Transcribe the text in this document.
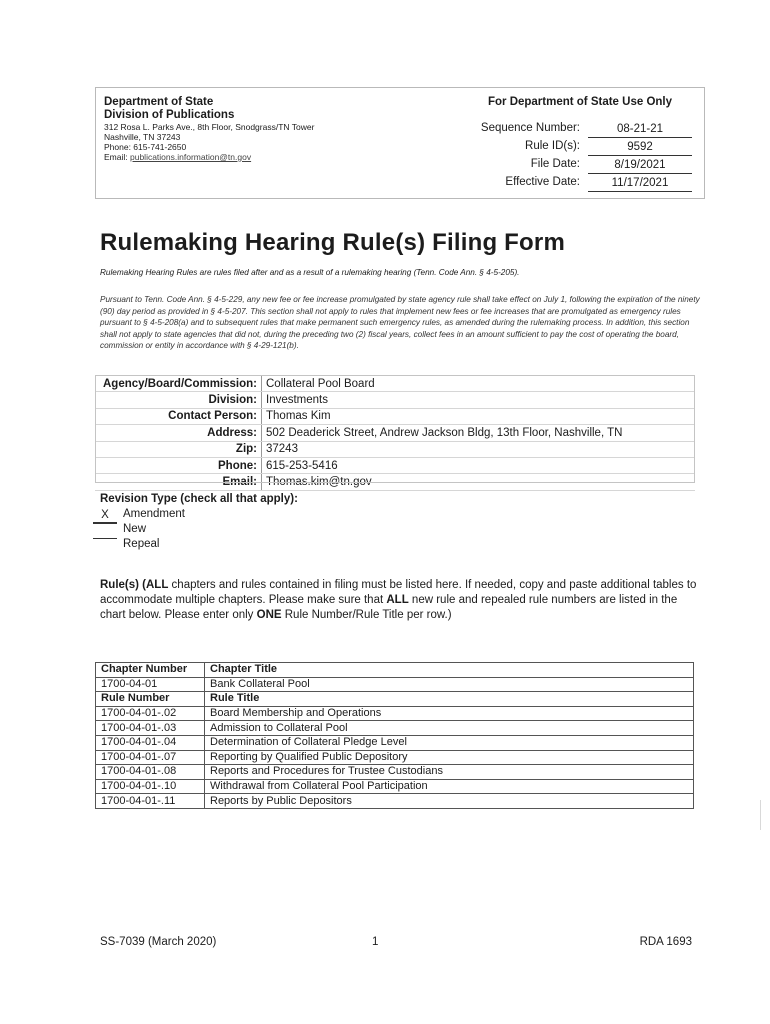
Department of State
Division of Publications
312 Rosa L. Parks Ave., 8th Floor, Snodgrass/TN Tower
Nashville, TN 37243
Phone: 615-741-2650
Email: publications.information@tn.gov
For Department of State Use Only
Sequence Number:	08-21-21
Rule ID(s):	9592
File Date:	8/19/2021
Effective Date:	11/17/2021
Rulemaking Hearing Rule(s) Filing Form
Rulemaking Hearing Rules are rules filed after and as a result of a rulemaking hearing (Tenn. Code Ann. § 4-5-205).
Pursuant to Tenn. Code Ann. § 4-5-229, any new fee or fee increase promulgated by state agency rule shall take effect on July 1, following the expiration of the ninety (90) day period as provided in § 4-5-207. This section shall not apply to rules that implement new fees or fee increases that are promulgated as emergency rules pursuant to § 4-5-208(a) and to subsequent rules that make permanent such emergency rules, as amended during the rulemaking process. In addition, this section shall not apply to state agencies that did not, during the preceding two (2) fiscal years, collect fees in an amount sufficient to pay the cost of operating the board, commission or entity in accordance with § 4-29-121(b).
Agency/Board/Commission:	Collateral Pool Board
Division:	Investments
Contact Person:	Thomas Kim
Address:	502 Deaderick Street, Andrew Jackson Bldg, 13th Floor, Nashville, TN
Zip:	37243
Phone:	615-253-5416
Email:	Thomas.kim@tn.gov
Revision Type (check all that apply):
X	Amendment
New
Repeal
Rule(s) (ALL chapters and rules contained in filing must be listed here. If needed, copy and paste additional tables to accommodate multiple chapters. Please make sure that ALL new rule and repealed rule numbers are listed in the chart below. Please enter only ONE Rule Number/Rule Title per row.)
Chapter Number	Chapter Title
1700-04-01	Bank Collateral Pool
Rule Number	Rule Title
1700-04-01-.02	Board Membership and Operations
1700-04-01-.03	Admission to Collateral Pool
1700-04-01-.04	Determination of Collateral Pledge Level
1700-04-01-.07	Reporting by Qualified Public Depository
1700-04-01-.08	Reports and Procedures for Trustee Custodians
1700-04-01-.10	Withdrawal from Collateral Pool Participation
1700-04-01-.11	Reports by Public Depositors
SS-7039 (March 2020)	1	RDA 1693
